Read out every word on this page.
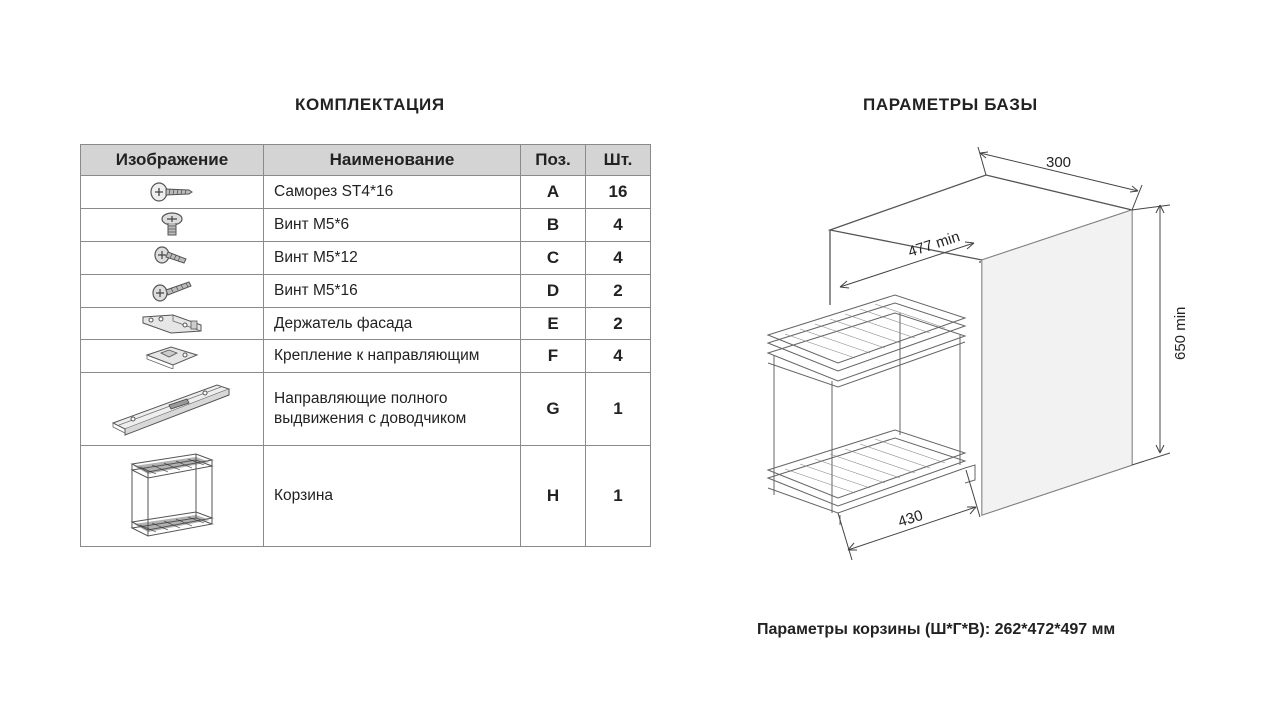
КОМПЛЕКТАЦИЯ	ПАРАМЕТРЫ БАЗЫ
Изображение	Наименование	Поз.	Шт.

	Саморез ST4*16	A	16

	Винт М5*6	B	4

	Винт М5*12	C	4

	Винт М5*16	D	2

	Держатель фасада	E	2

	Крепление к направляющим	F	4

	Направляющие полного выдвижения с доводчиком	G	1

	Корзина	H	1
300
477 min
650 min
430
Параметры корзины (Ш*Г*В): 262*472*497 мм
